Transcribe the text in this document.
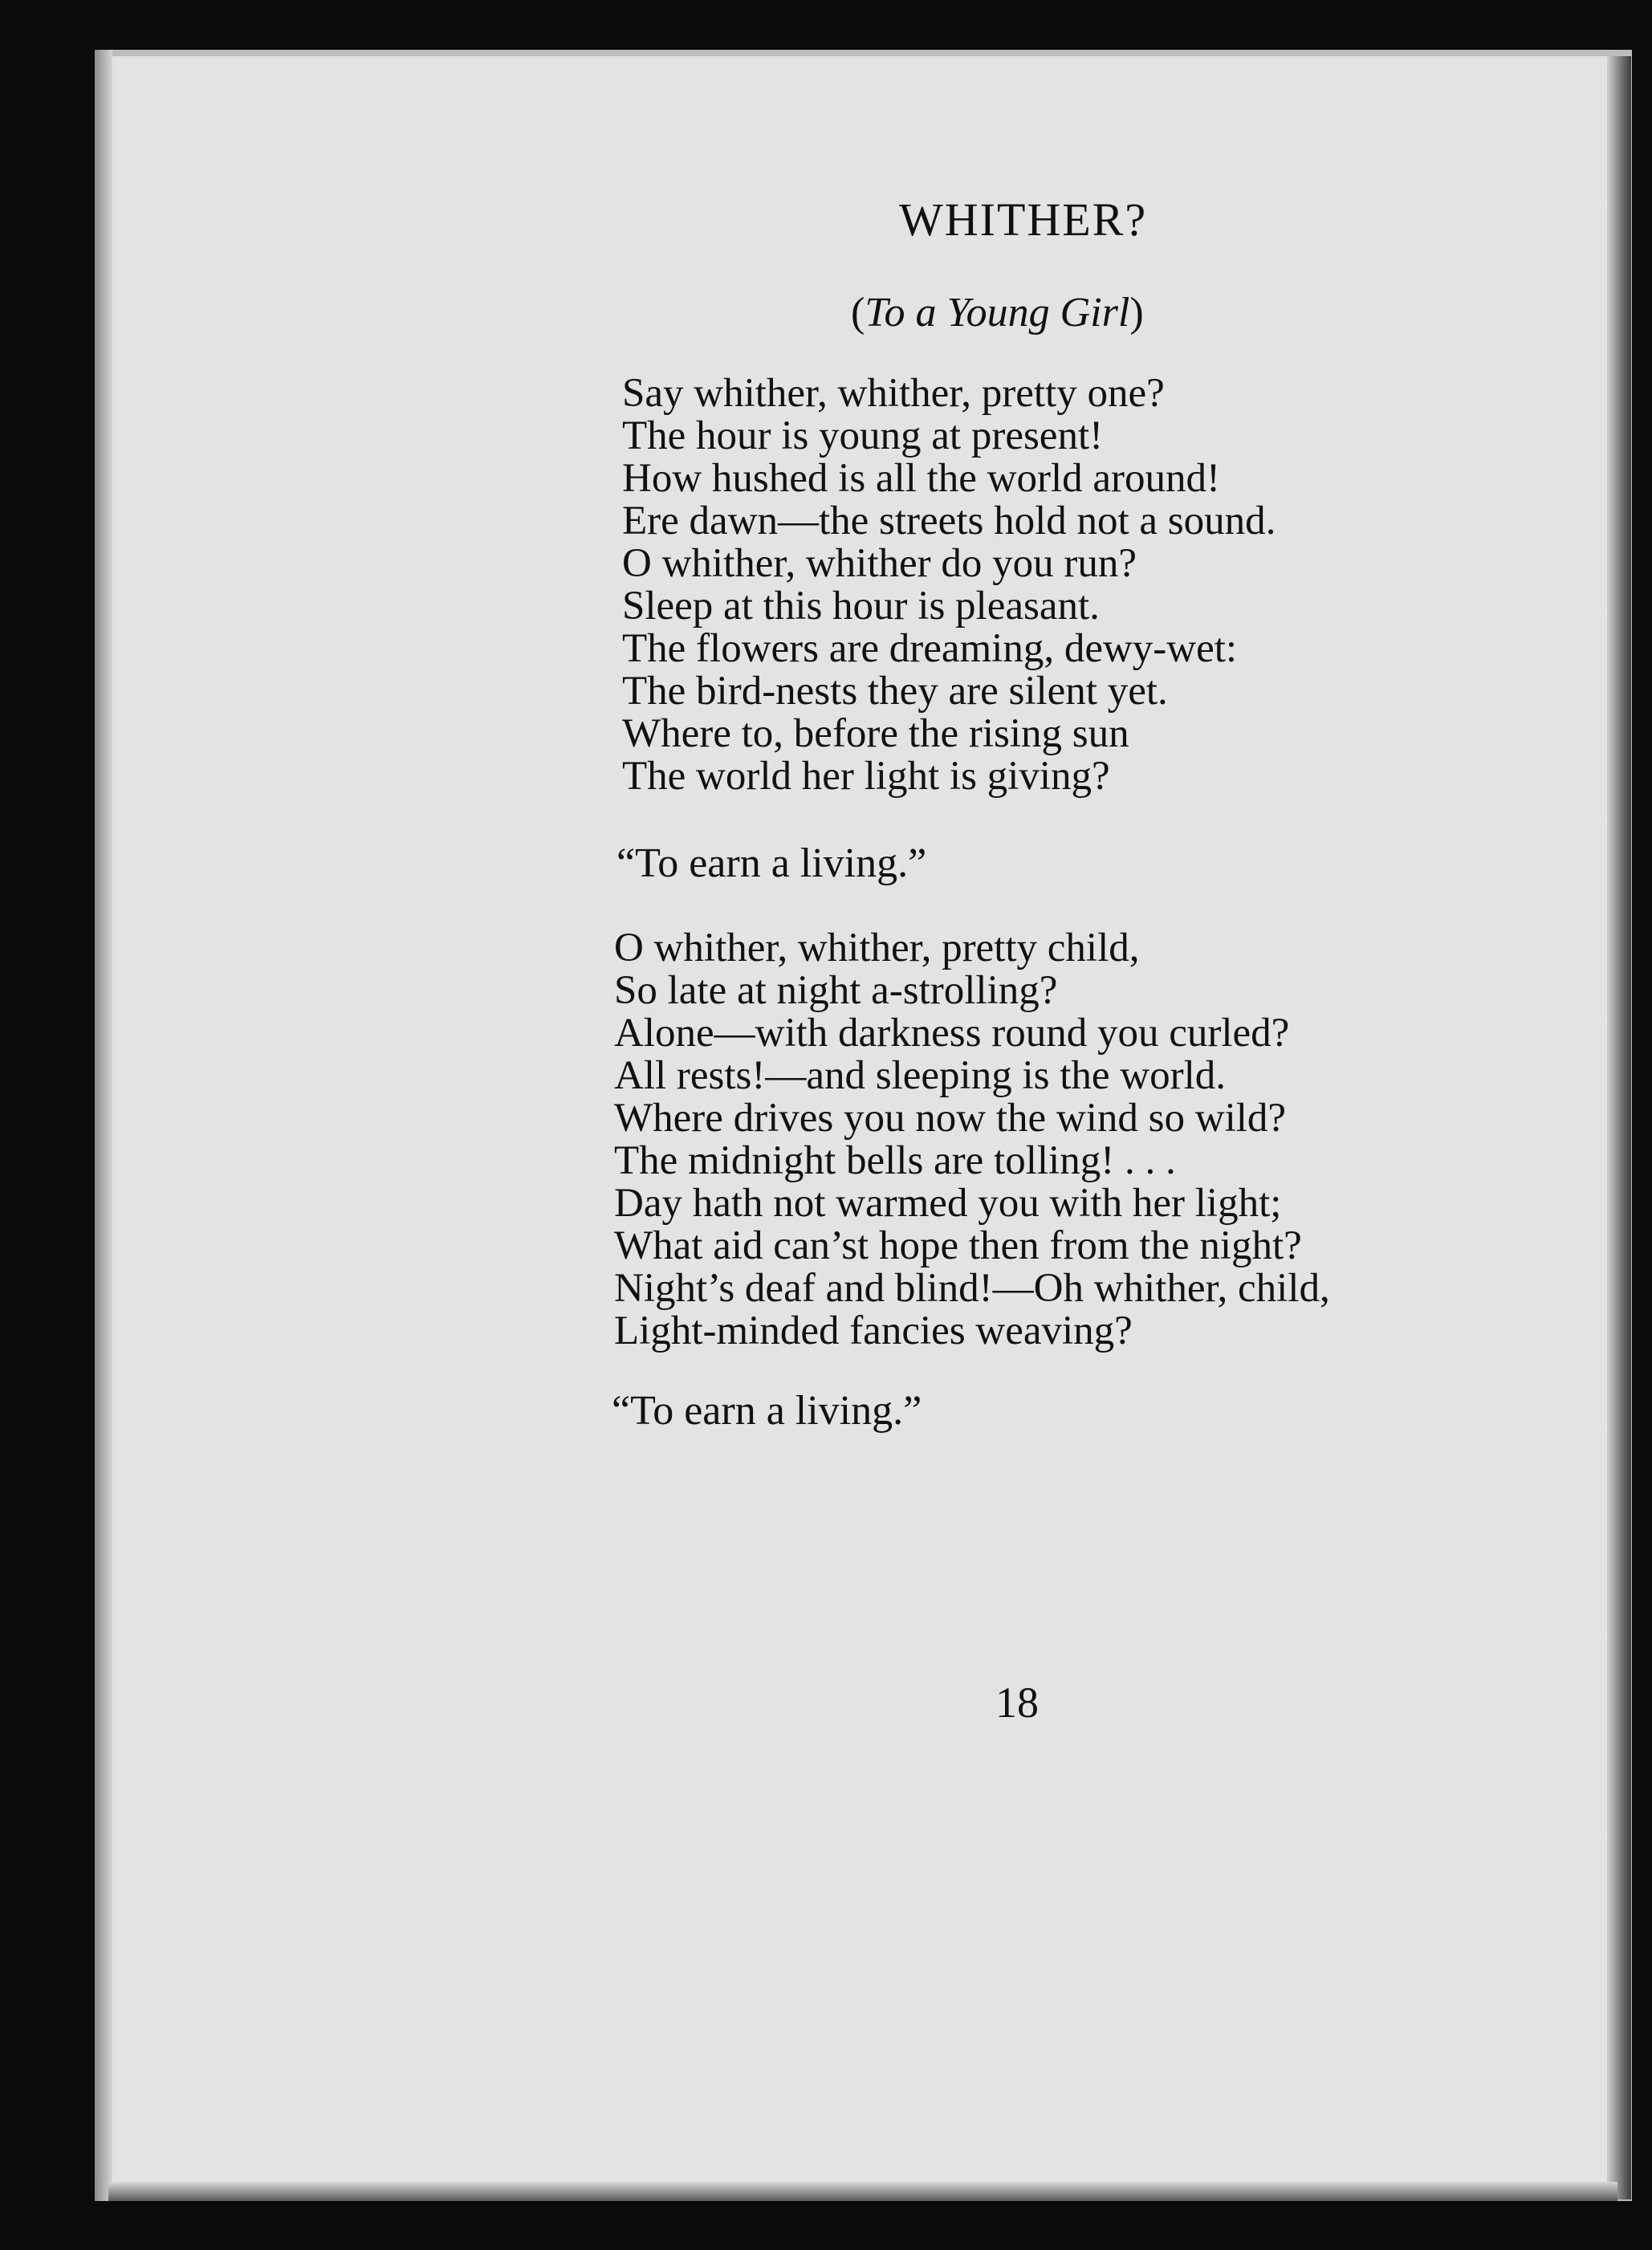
WHITHER?
(To a Young Girl)
Say whither, whither, pretty one?
The hour is young at present!
How hushed is all the world around!
Ere dawn—the streets hold not a sound.
O whither, whither do you run?
Sleep at this hour is pleasant.
The flowers are dreaming, dewy-wet:
The bird-nests they are silent yet.
Where to, before the rising sun
The world her light is giving?
“To earn a living.”
O whither, whither, pretty child,
So late at night a-strolling?
Alone—with darkness round you curled?
All rests!—and sleeping is the world.
Where drives you now the wind so wild?
The midnight bells are tolling! . . .
Day hath not warmed you with her light;
What aid can’st hope then from the night?
Night’s deaf and blind!—Oh whither, child,
Light-minded fancies weaving?
“To earn a living.”
18
